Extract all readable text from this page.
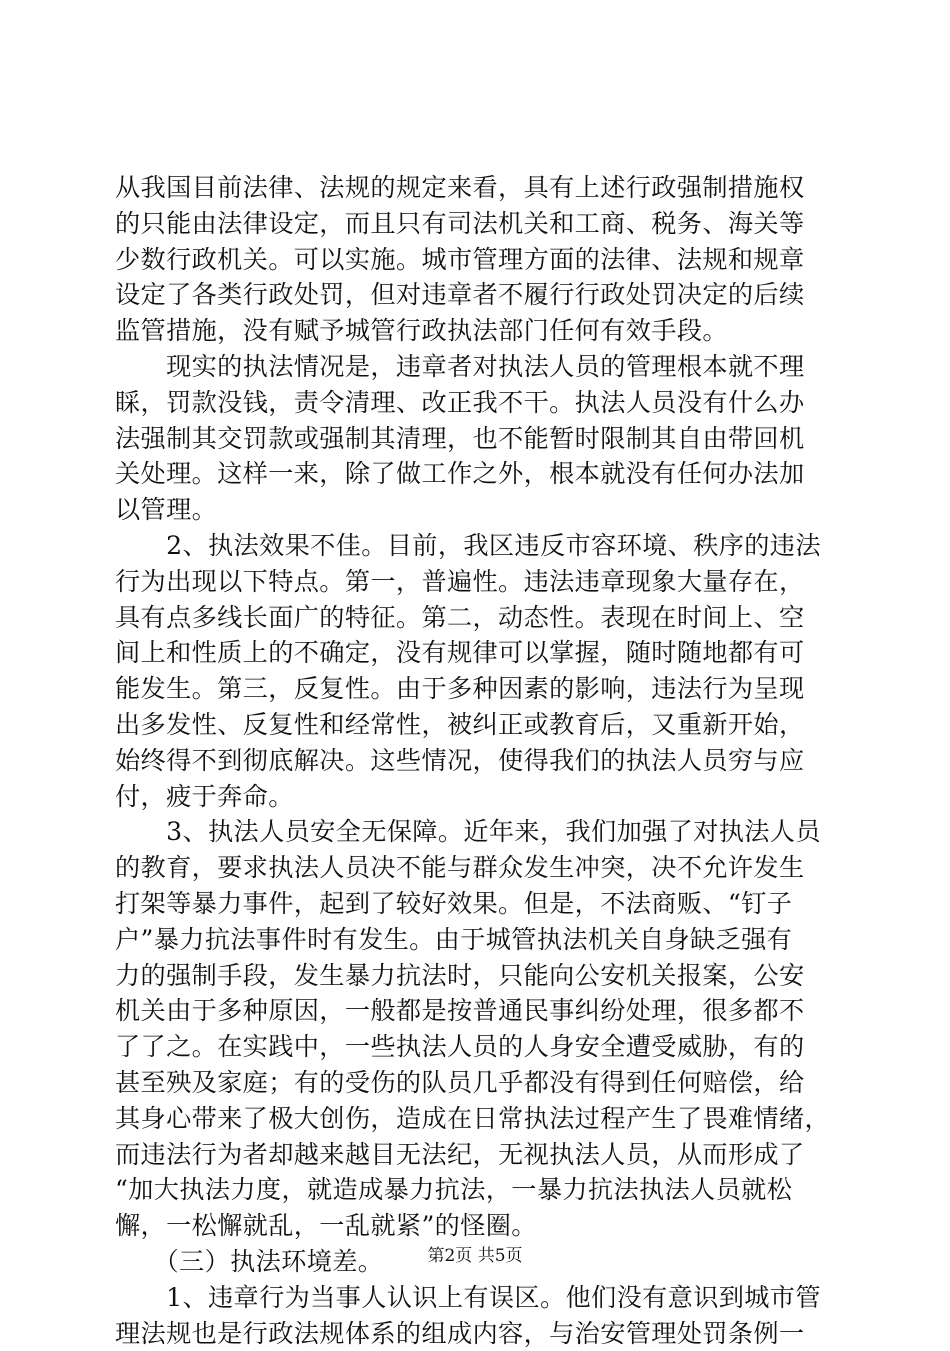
从我国目前法律、法规的规定来看，具有上述行政强制措施权
的只能由法律设定，而且只有司法机关和工商、税务、海关等
少数行政机关。可以实施。城市管理方面的法律、法规和规章
设定了各类行政处罚，但对违章者不履行行政处罚决定的后续
监管措施，没有赋予城管行政执法部门任何有效手段。
　　现实的执法情况是，违章者对执法人员的管理根本就不理
睬，罚款没钱，责令清理、改正我不干。执法人员没有什么办
法强制其交罚款或强制其清理，也不能暂时限制其自由带回机
关处理。这样一来，除了做工作之外，根本就没有任何办法加
以管理。
　　2、执法效果不佳。目前，我区违反市容环境、秩序的违法
行为出现以下特点。第一，普遍性。违法违章现象大量存在，
具有点多线长面广的特征。第二，动态性。表现在时间上、空
间上和性质上的不确定，没有规律可以掌握，随时随地都有可
能发生。第三，反复性。由于多种因素的影响，违法行为呈现
出多发性、反复性和经常性，被纠正或教育后，又重新开始，
始终得不到彻底解决。这些情况，使得我们的执法人员穷与应
付，疲于奔命。
　　3、执法人员安全无保障。近年来，我们加强了对执法人员
的教育，要求执法人员决不能与群众发生冲突，决不允许发生
打架等暴力事件，起到了较好效果。但是，不法商贩、“钉子
户”暴力抗法事件时有发生。由于城管执法机关自身缺乏强有
力的强制手段，发生暴力抗法时，只能向公安机关报案，公安
机关由于多种原因，一般都是按普通民事纠纷处理，很多都不
了了之。在实践中，一些执法人员的人身安全遭受威胁，有的
甚至殃及家庭；有的受伤的队员几乎都没有得到任何赔偿，给
其身心带来了极大创伤，造成在日常执法过程产生了畏难情绪，
而违法行为者却越来越目无法纪，无视执法人员，从而形成了
“加大执法力度，就造成暴力抗法，一暴力抗法执法人员就松
懈，一松懈就乱，一乱就紧”的怪圈。
　　（三）执法环境差。
　　1、违章行为当事人认识上有误区。他们没有意识到城市管
理法规也是行政法规体系的组成内容，与治安管理处罚条例一
第2页 共5页
